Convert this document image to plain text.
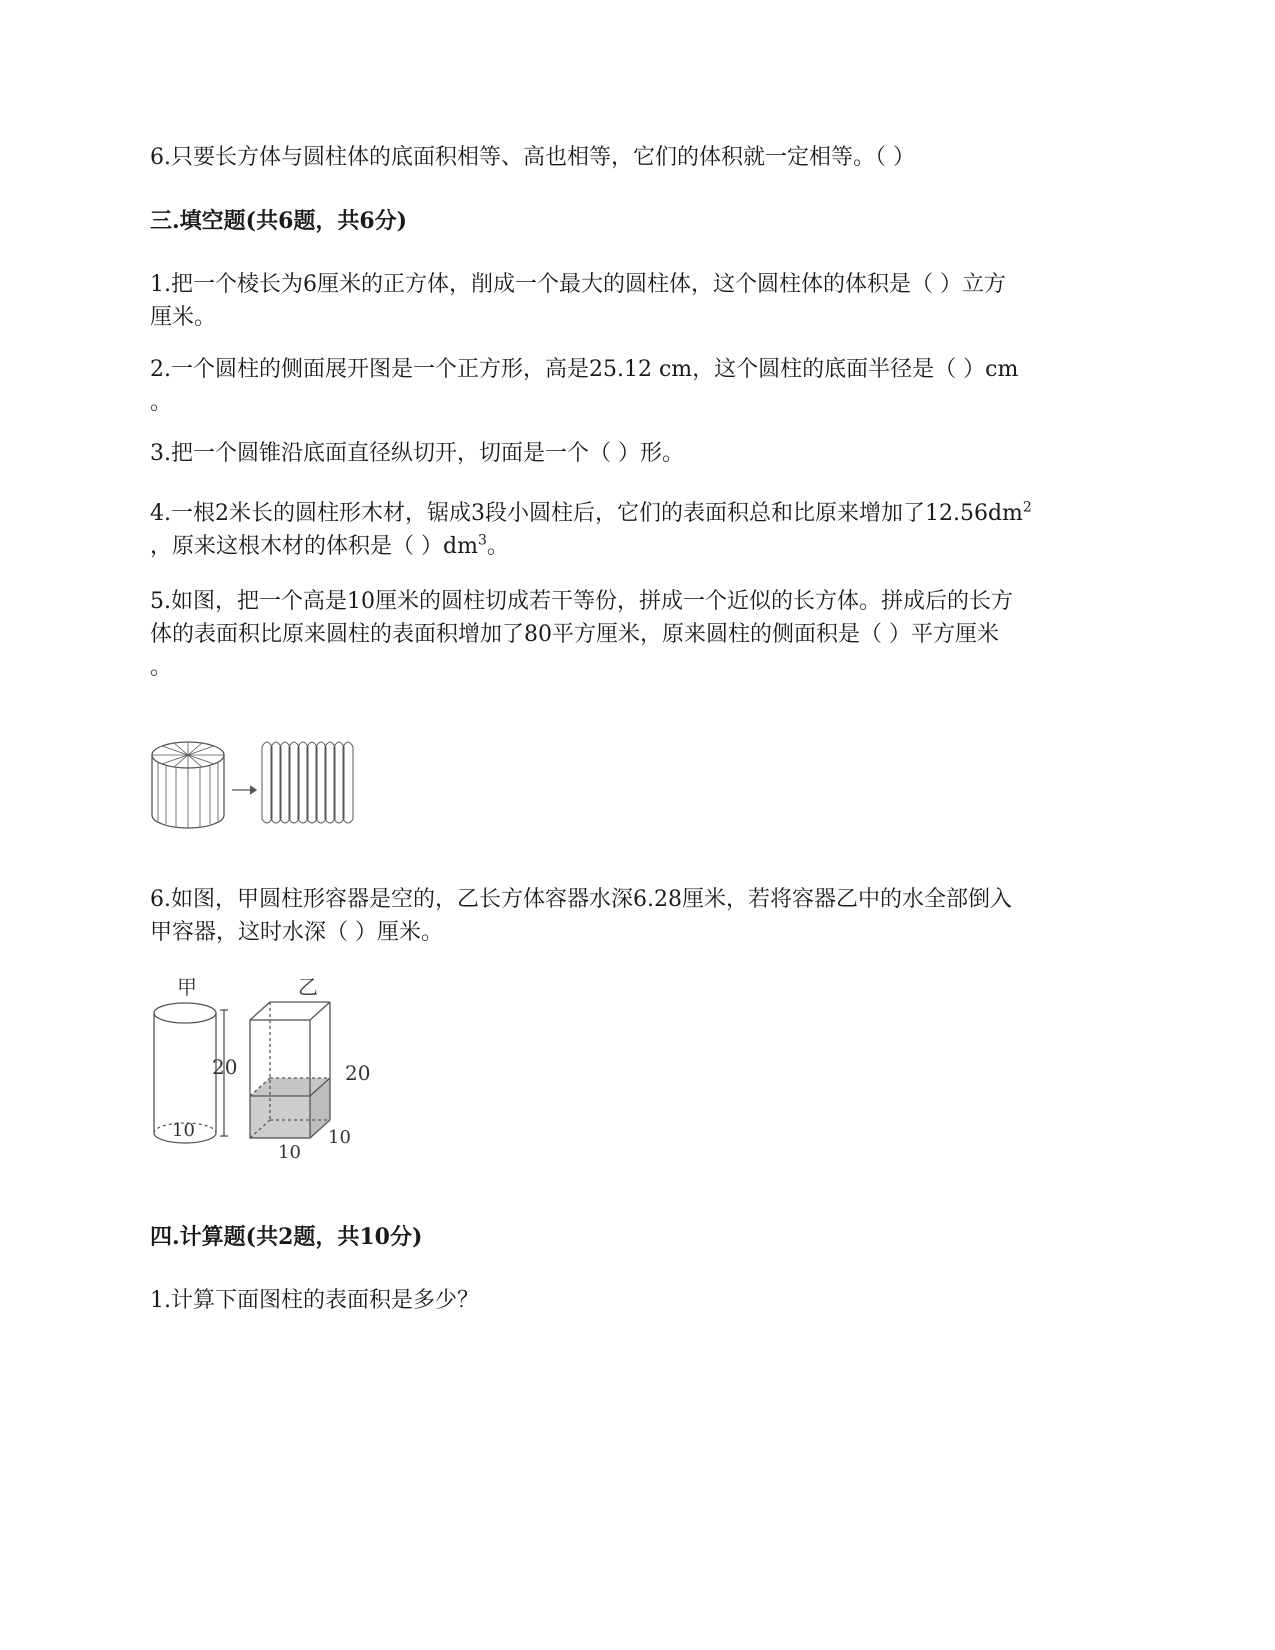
6.只要长方体与圆柱体的底面积相等、高也相等，它们的体积就一定相等。（ ）
三.填空题(共6题，共6分)
1.把一个棱长为6厘米的正方体，削成一个最大的圆柱体，这个圆柱体的体积是（ ）立方
厘米。
2.一个圆柱的侧面展开图是一个正方形，高是25.12 cm，这个圆柱的底面半径是（ ）cm
。
3.把一个圆锥沿底面直径纵切开，切面是一个（ ）形。
4.一根2米长的圆柱形木材，锯成3段小圆柱后，它们的表面积总和比原来增加了$12.56dm^2$
，原来这根木材的体积是（ ）$dm^3$。
5.如图，把一个高是10厘米的圆柱切成若干等份，拼成一个近似的长方体。拼成后的长方
体的表面积比原来圆柱的表面积增加了80平方厘米，原来圆柱的侧面积是（ ）平方厘米
。
6.如图，甲圆柱形容器是空的，乙长方体容器水深6.28厘米，若将容器乙中的水全部倒入
甲容器，这时水深（ ）厘米。
甲	乙
20
10
20
10
10
四.计算题(共2题，共10分)
1.计算下面图柱的表面积是多少？
